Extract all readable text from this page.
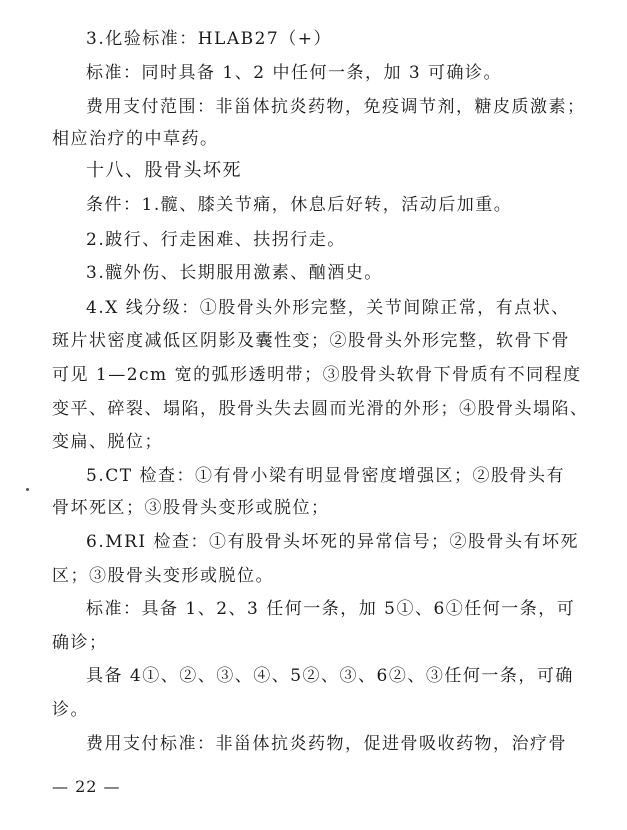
3.化验标准：HLAB27（+）
标准：同时具备 1、2 中任何一条，加 3 可确诊。
费用支付范围：非甾体抗炎药物，免疫调节剂，糖皮质激素；
相应治疗的中草药。
十八、股骨头坏死
条件：1.髋、膝关节痛，休息后好转，活动后加重。
2.跛行、行走困难、扶拐行走。
3.髋外伤、长期服用激素、酗酒史。
4.X 线分级：①股骨头外形完整，关节间隙正常，有点状、
斑片状密度减低区阴影及囊性变；②股骨头外形完整，软骨下骨
可见 1—2cm 宽的弧形透明带；③股骨头软骨下骨质有不同程度
变平、碎裂、塌陷，股骨头失去圆而光滑的外形；④股骨头塌陷、
变扁、脱位；
5.CT 检查：①有骨小梁有明显骨密度增强区；②股骨头有
骨坏死区；③股骨头变形或脱位；
6.MRI 检查：①有股骨头坏死的异常信号；②股骨头有坏死
区；③股骨头变形或脱位。
标准：具备 1、2、3 任何一条，加 5①、6①任何一条，可
确诊；
具备 4①、②、③、④、5②、③、6②、③任何一条，可确
诊。
费用支付标准：非甾体抗炎药物，促进骨吸收药物，治疗骨
— 22 —
